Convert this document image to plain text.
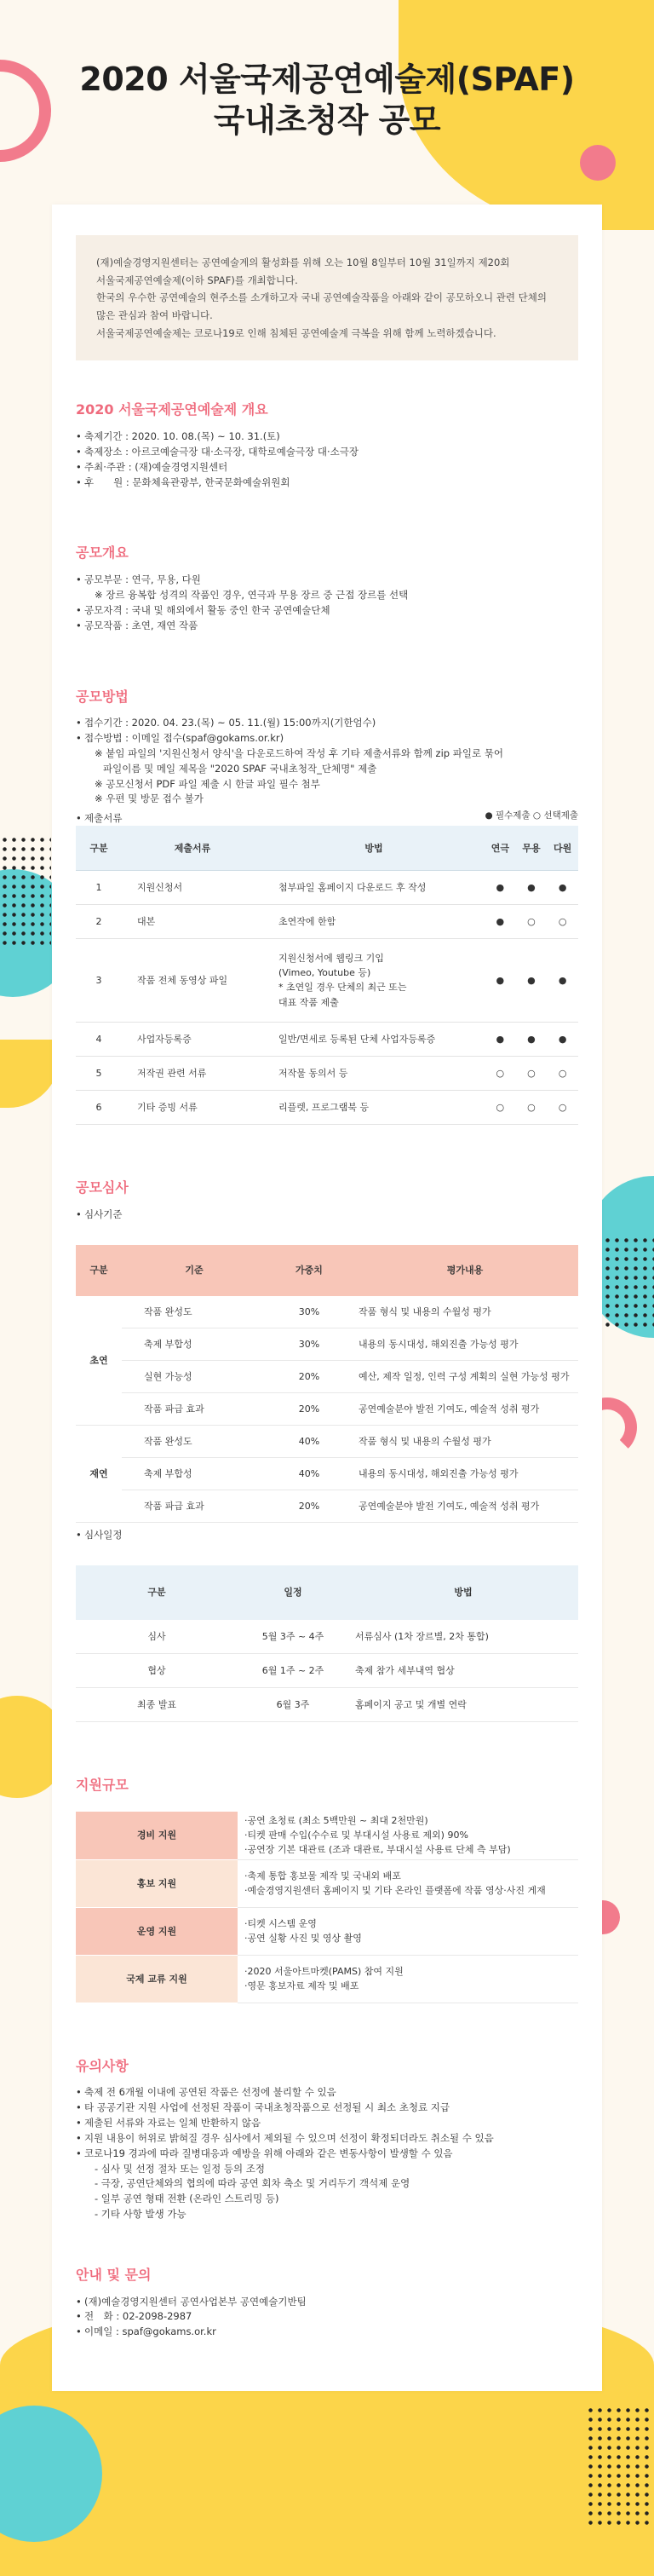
2020 서울국제공연예술제(SPAF)
국내초청작 공모
(재)예술경영지원센터는 공연예술계의 활성화를 위해 오는 10월 8일부터 10월 31일까지 제20회
서울국제공연예술제(이하 SPAF)를 개최합니다.
한국의 우수한 공연예술의 현주소를 소개하고자 국내 공연예술작품을 아래와 같이 공모하오니 관련 단체의
많은 관심과 참여 바랍니다.
서울국제공연예술제는 코로나19로 인해 침체된 공연예술계 극복을 위해 함께 노력하겠습니다.
2020 서울국제공연예술제 개요
• 축제기간 : 2020. 10. 08.(목) ~ 10. 31.(토)
• 축제장소 : 아르코예술극장 대·소극장, 대학로예술극장 대·소극장
• 주최·주관 : (재)예술경영지원센터
• 후　　원 : 문화체육관광부, 한국문화예술위원회
공모개요
• 공모부문 : 연극, 무용, 다원
※ 장르 융복합 성격의 작품인 경우, 연극과 무용 장르 중 근접 장르를 선택
• 공모자격 : 국내 및 해외에서 활동 중인 한국 공연예술단체
• 공모작품 : 초연, 재연 작품
공모방법
• 접수기간 : 2020. 04. 23.(목) ~ 05. 11.(월) 15:00까지(기한엄수)
• 접수방법 : 이메일 접수(spaf@gokams.or.kr)
※ 붙임 파일의 '지원신청서 양식'을 다운로드하여 작성 후 기타 제출서류와 함께 zip 파일로 묶어
파일이름 및 메일 제목을 "2020 SPAF 국내초청작_단체명" 제출
※ 공모신청서 PDF 파일 제출 시 한글 파일 필수 첨부
※ 우편 및 방문 접수 불가
• 제출서류	● 필수제출 ○ 선택제출
구분	제출서류	방법	연극	무용	다원
1	지원신청서	첨부파일 홈페이지 다운로드 후 작성	●	●	●
2	대본	초연작에 한함	●	○	○
3	작품 전체 동영상 파일	지원신청서에 웹링크 기입
(Vimeo, Youtube 등)
* 초연일 경우 단체의 최근 또는
대표 작품 제출	●	●	●
4	사업자등록증	일반/면세로 등록된 단체 사업자등록증	●	●	●
5	저작권 관련 서류	저작물 동의서 등	○	○	○
6	기타 증빙 서류	리플렛, 프로그램북 등	○	○	○
공모심사
• 심사기준
구분	기준	가중치	평가내용
초연	작품 완성도	30%	작품 형식 및 내용의 수월성 평가
	축제 부합성	30%	내용의 동시대성, 해외진출 가능성 평가
	실현 가능성	20%	예산, 제작 일정, 인력 구성 계획의 실현 가능성 평가
	작품 파급 효과	20%	공연예술분야 발전 기여도, 예술적 성취 평가
재연	작품 완성도	40%	작품 형식 및 내용의 수월성 평가
	축제 부합성	40%	내용의 동시대성, 해외진출 가능성 평가
	작품 파급 효과	20%	공연예술분야 발전 기여도, 예술적 성취 평가
• 심사일정
구분	일정	방법
심사	5월 3주 ~ 4주	서류심사 (1차 장르별, 2차 통합)
협상	6월 1주 ~ 2주	축제 참가 세부내역 협상
최종 발표	6월 3주	홈페이지 공고 및 개별 연락
지원규모
경비 지원	·공연 초청료 (최소 5백만원 ~ 최대 2천만원)
·티켓 판매 수입(수수료 및 부대시설 사용료 제외) 90%
·공연장 기본 대관료 (조과 대관료, 부대시설 사용료 단체 측 부담)

홍보 지원	·축제 통합 홍보물 제작 및 국내외 배포
·예술경영지원센터 홈페이지 및 기타 온라인 플랫폼에 작품 영상·사진 게재

운영 지원	·티켓 시스템 운영
·공연 실황 사진 및 영상 촬영

국제 교류 지원	·2020 서울아트마켓(PAMS) 참여 지원
·영문 홍보자료 제작 및 배포
유의사항
• 축제 전 6개월 이내에 공연된 작품은 선정에 불리할 수 있음
• 타 공공기관 지원 사업에 선정된 작품이 국내초청작품으로 선정될 시 최소 초청료 지급
• 제출된 서류와 자료는 일체 반환하지 않음
• 지원 내용이 허위로 밝혀질 경우 심사에서 제외될 수 있으며 선정이 확정되더라도 취소될 수 있음
• 코로나19 경과에 따라 질병대응과 예방을 위해 아래와 같은 변동사항이 발생할 수 있음
- 심사 및 선정 절차 또는 일정 등의 조정
- 극장, 공연단체와의 협의에 따라 공연 회차 축소 및 거리두기 객석제 운영
- 일부 공연 형태 전환 (온라인 스트리밍 등)
- 기타 사항 발생 가능
안내 및 문의
• (재)예술경영지원센터 공연사업본부 공연예술기반팀
• 전　화 : 02-2098-2987
• 이메일 : spaf@gokams.or.kr
